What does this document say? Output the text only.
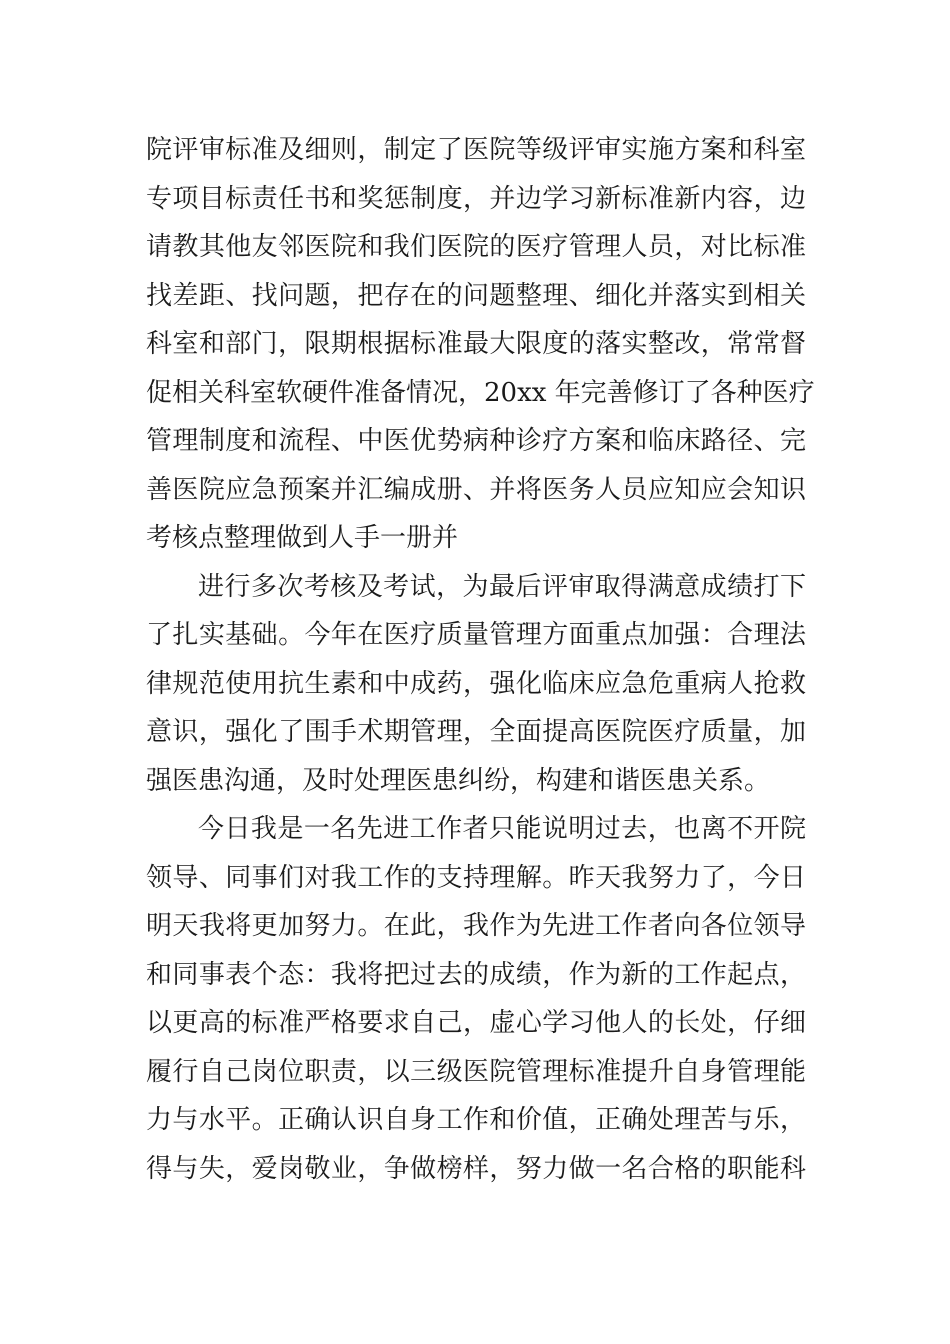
院评审标准及细则，制定了医院等级评审实施方案和科室
专项目标责任书和奖惩制度，并边学习新标准新内容，边
请教其他友邻医院和我们医院的医疗管理人员，对比标准
找差距、找问题，把存在的问题整理、细化并落实到相关
科室和部门，限期根据标准最大限度的落实整改，常常督
促相关科室软硬件准备情况，20xx 年完善修订了各种医疗
管理制度和流程、中医优势病种诊疗方案和临床路径、完
善医院应急预案并汇编成册、并将医务人员应知应会知识
考核点整理做到人手一册并
进行多次考核及考试，为最后评审取得满意成绩打下
了扎实基础。今年在医疗质量管理方面重点加强：合理法
律规范使用抗生素和中成药，强化临床应急危重病人抢救
意识，强化了围手术期管理，全面提高医院医疗质量，加
强医患沟通，及时处理医患纠纷，构建和谐医患关系。
今日我是一名先进工作者只能说明过去，也离不开院
领导、同事们对我工作的支持理解。昨天我努力了，今日
明天我将更加努力。在此，我作为先进工作者向各位领导
和同事表个态：我将把过去的成绩，作为新的工作起点，
以更高的标准严格要求自己，虚心学习他人的长处，仔细
履行自己岗位职责，以三级医院管理标准提升自身管理能
力与水平。正确认识自身工作和价值，正确处理苦与乐，
得与失，爱岗敬业，争做榜样，努力做一名合格的职能科
